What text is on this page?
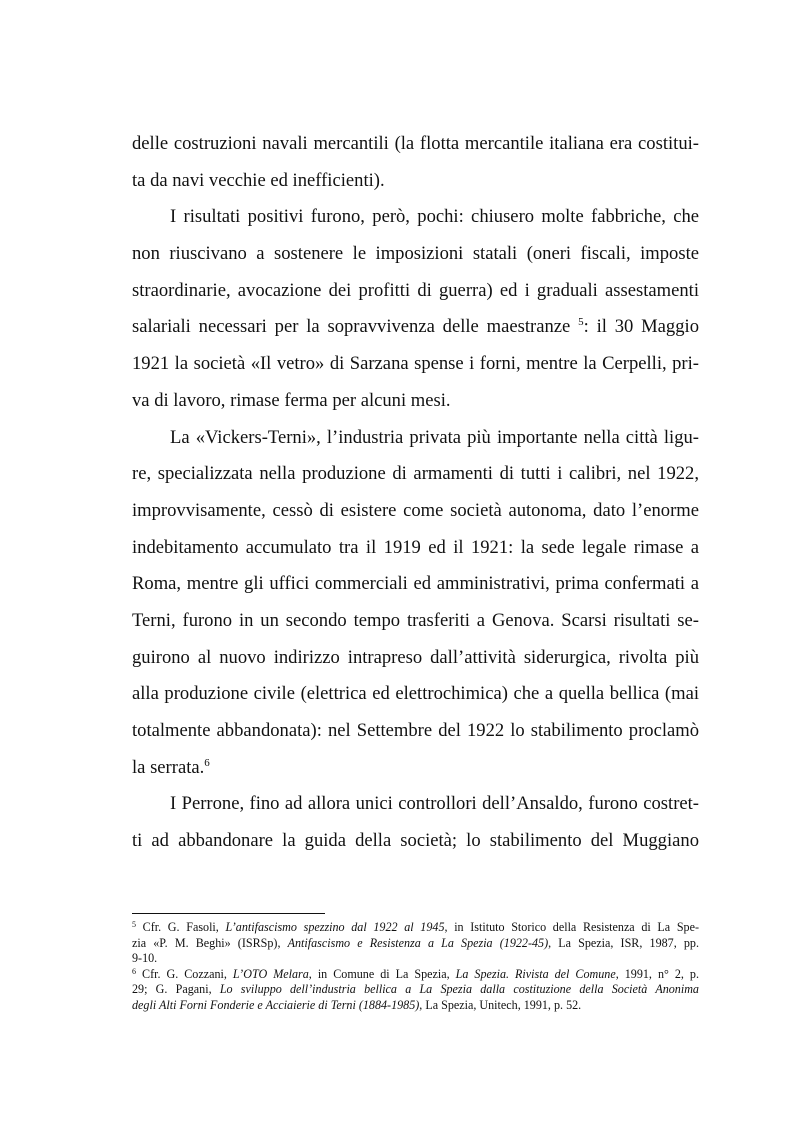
delle costruzioni navali mercantili (la flotta mercantile italiana era costitui-
ta da navi vecchie ed inefficienti).

I risultati positivi furono, però, pochi: chiusero molte fabbriche, che
non riuscivano a sostenere le imposizioni statali (oneri fiscali, imposte
straordinarie, avocazione dei profitti di guerra) ed i graduali assestamenti
salariali necessari per la sopravvivenza delle maestranze $^5$: il 30 Maggio
1921 la società «Il vetro» di Sarzana spense i forni, mentre la Cerpelli, pri-
va di lavoro, rimase ferma per alcuni mesi.

La «Vickers-Terni», l’industria privata più importante nella città ligu-
re, specializzata nella produzione di armamenti di tutti i calibri, nel 1922,
improvvisamente, cessò di esistere come società autonoma, dato l’enorme
indebitamento accumulato tra il 1919 ed il 1921: la sede legale rimase a
Roma, mentre gli uffici commerciali ed amministrativi, prima confermati a
Terni, furono in un secondo tempo trasferiti a Genova. Scarsi risultati se-
guirono al nuovo indirizzo intrapreso dall’attività siderurgica, rivolta più
alla produzione civile (elettrica ed elettrochimica) che a quella bellica (mai
totalmente abbandonata): nel Settembre del 1922 lo stabilimento proclamò
la serrata.$^6$

I Perrone, fino ad allora unici controllori dell’Ansaldo, furono costret-
ti ad abbandonare la guida della società; lo stabilimento del Muggiano

$^5$ Cfr. G. Fasoli, L’antifascismo spezzino dal 1922 al 1945, in Istituto Storico della Resistenza di La Spe-
zia «P. M. Beghi» (ISRSp), Antifascismo e Resistenza a La Spezia (1922-45), La Spezia, ISR, 1987, pp.
9-10.
$^6$ Cfr. G. Cozzani, L’OTO Melara, in Comune di La Spezia, La Spezia. Rivista del Comune, 1991, n° 2, p.
29; G. Pagani, Lo sviluppo dell’industria bellica a La Spezia dalla costituzione della Società Anonima
degli Alti Forni Fonderie e Acciaierie di Terni (1884-1985), La Spezia, Unitech, 1991, p. 52.
